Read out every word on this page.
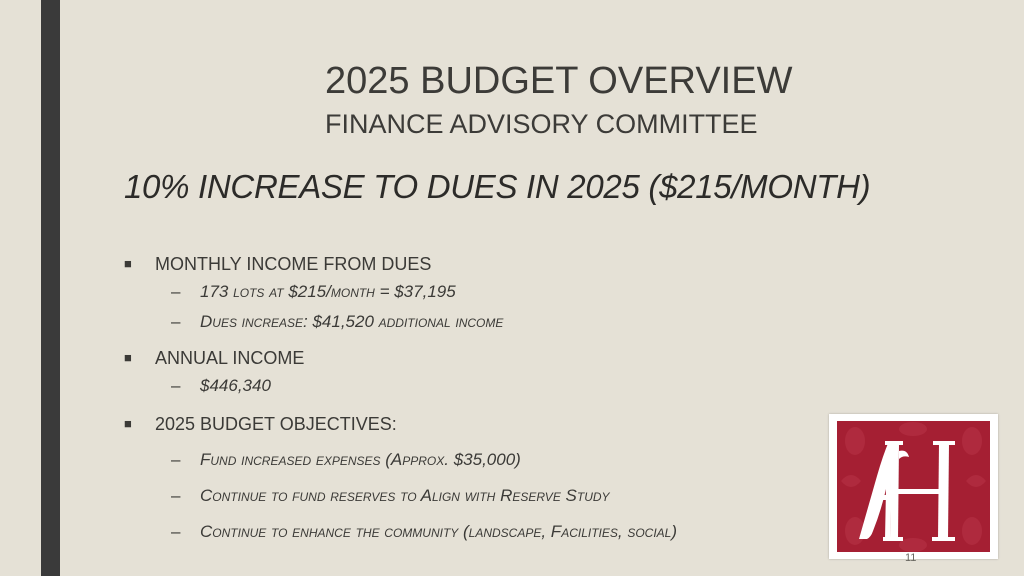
2025 BUDGET OVERVIEW
FINANCE ADVISORY COMMITTEE
10% INCREASE TO DUES IN 2025 ($215/MONTH)
■ MONTHLY INCOME FROM DUES
– 173 lots at $215/month = $37,195
– Dues increase: $41,520 additional income
■ ANNUAL INCOME
– $446,340
■ 2025 BUDGET OBJECTIVES:
– Fund increased expenses (Approx. $35,000)
– Continue to fund reserves to Align with Reserve Study
– Continue to enhance the community (landscape, Facilities, social)
11
